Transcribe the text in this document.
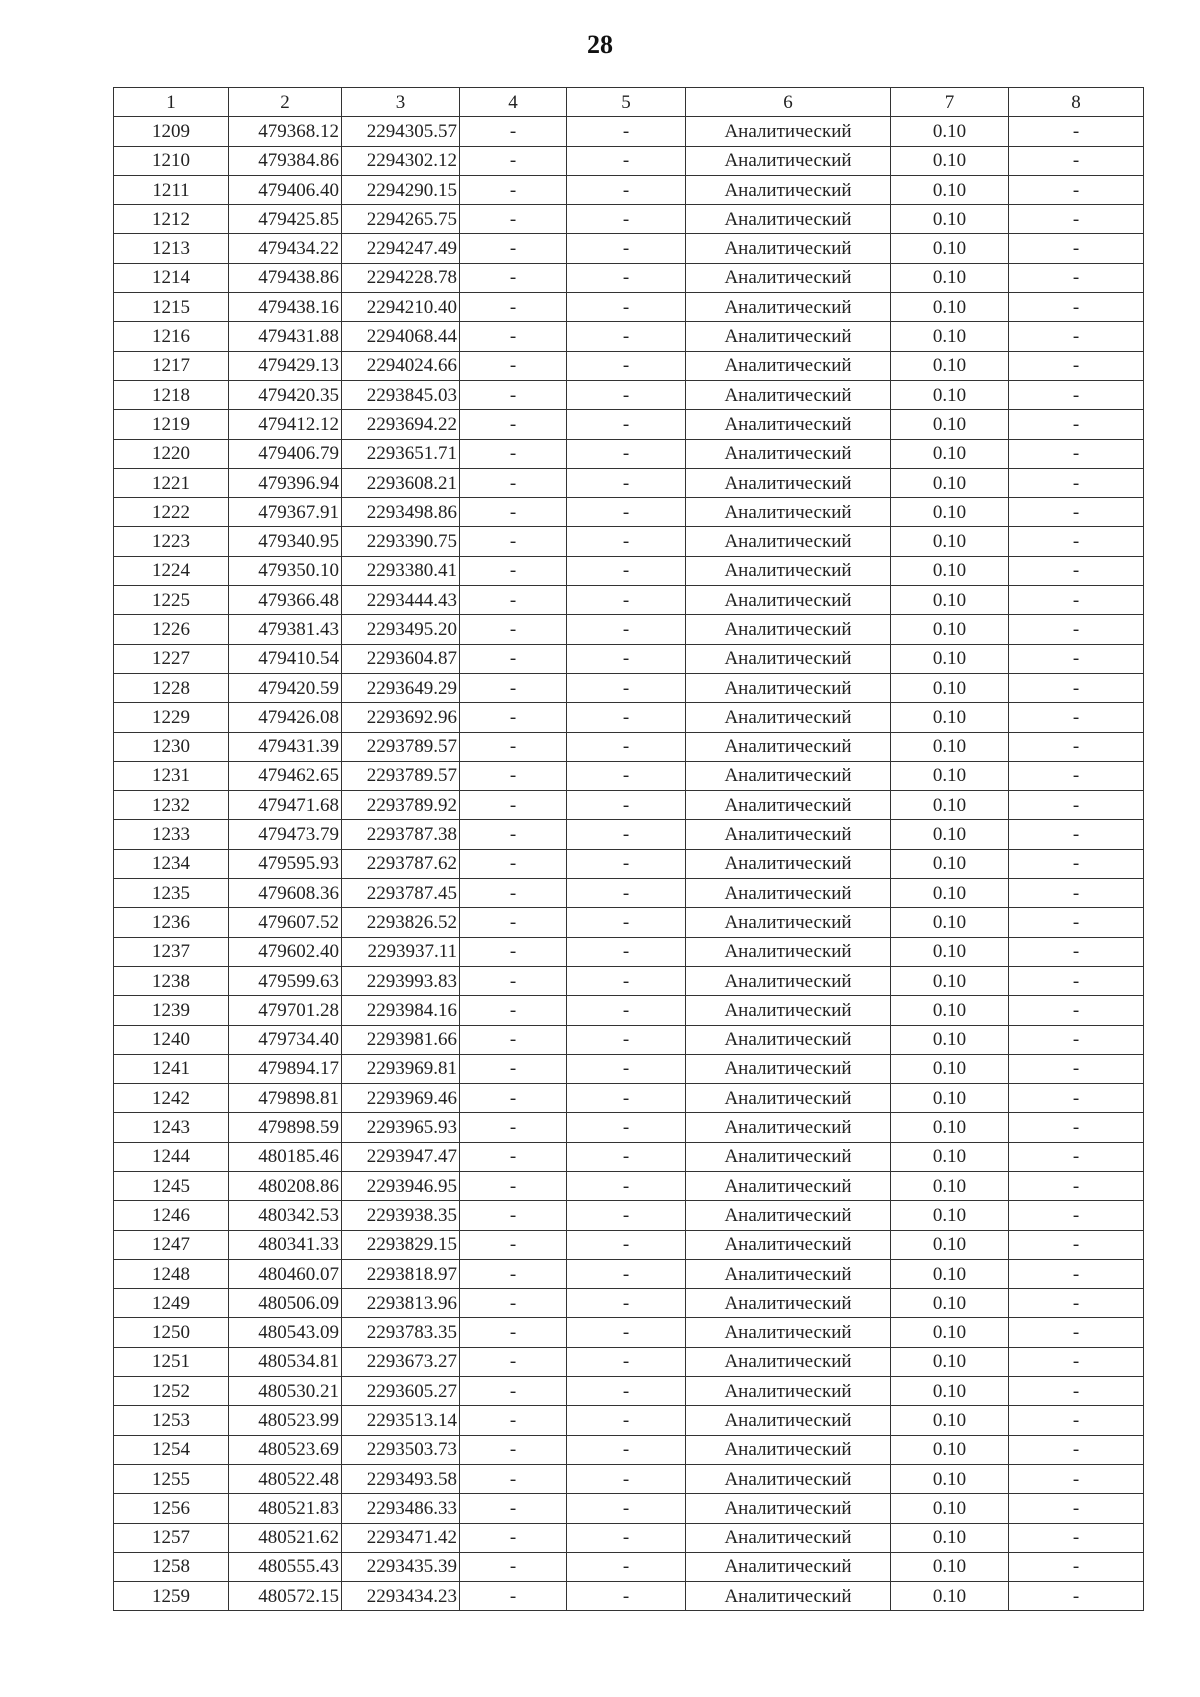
28
1	2	3	4	5	6	7	8
1209	479368.12	2294305.57	-	-	Аналитический	0.10	-
1210	479384.86	2294302.12	-	-	Аналитический	0.10	-
1211	479406.40	2294290.15	-	-	Аналитический	0.10	-
1212	479425.85	2294265.75	-	-	Аналитический	0.10	-
1213	479434.22	2294247.49	-	-	Аналитический	0.10	-
1214	479438.86	2294228.78	-	-	Аналитический	0.10	-
1215	479438.16	2294210.40	-	-	Аналитический	0.10	-
1216	479431.88	2294068.44	-	-	Аналитический	0.10	-
1217	479429.13	2294024.66	-	-	Аналитический	0.10	-
1218	479420.35	2293845.03	-	-	Аналитический	0.10	-
1219	479412.12	2293694.22	-	-	Аналитический	0.10	-
1220	479406.79	2293651.71	-	-	Аналитический	0.10	-
1221	479396.94	2293608.21	-	-	Аналитический	0.10	-
1222	479367.91	2293498.86	-	-	Аналитический	0.10	-
1223	479340.95	2293390.75	-	-	Аналитический	0.10	-
1224	479350.10	2293380.41	-	-	Аналитический	0.10	-
1225	479366.48	2293444.43	-	-	Аналитический	0.10	-
1226	479381.43	2293495.20	-	-	Аналитический	0.10	-
1227	479410.54	2293604.87	-	-	Аналитический	0.10	-
1228	479420.59	2293649.29	-	-	Аналитический	0.10	-
1229	479426.08	2293692.96	-	-	Аналитический	0.10	-
1230	479431.39	2293789.57	-	-	Аналитический	0.10	-
1231	479462.65	2293789.57	-	-	Аналитический	0.10	-
1232	479471.68	2293789.92	-	-	Аналитический	0.10	-
1233	479473.79	2293787.38	-	-	Аналитический	0.10	-
1234	479595.93	2293787.62	-	-	Аналитический	0.10	-
1235	479608.36	2293787.45	-	-	Аналитический	0.10	-
1236	479607.52	2293826.52	-	-	Аналитический	0.10	-
1237	479602.40	2293937.11	-	-	Аналитический	0.10	-
1238	479599.63	2293993.83	-	-	Аналитический	0.10	-
1239	479701.28	2293984.16	-	-	Аналитический	0.10	-
1240	479734.40	2293981.66	-	-	Аналитический	0.10	-
1241	479894.17	2293969.81	-	-	Аналитический	0.10	-
1242	479898.81	2293969.46	-	-	Аналитический	0.10	-
1243	479898.59	2293965.93	-	-	Аналитический	0.10	-
1244	480185.46	2293947.47	-	-	Аналитический	0.10	-
1245	480208.86	2293946.95	-	-	Аналитический	0.10	-
1246	480342.53	2293938.35	-	-	Аналитический	0.10	-
1247	480341.33	2293829.15	-	-	Аналитический	0.10	-
1248	480460.07	2293818.97	-	-	Аналитический	0.10	-
1249	480506.09	2293813.96	-	-	Аналитический	0.10	-
1250	480543.09	2293783.35	-	-	Аналитический	0.10	-
1251	480534.81	2293673.27	-	-	Аналитический	0.10	-
1252	480530.21	2293605.27	-	-	Аналитический	0.10	-
1253	480523.99	2293513.14	-	-	Аналитический	0.10	-
1254	480523.69	2293503.73	-	-	Аналитический	0.10	-
1255	480522.48	2293493.58	-	-	Аналитический	0.10	-
1256	480521.83	2293486.33	-	-	Аналитический	0.10	-
1257	480521.62	2293471.42	-	-	Аналитический	0.10	-
1258	480555.43	2293435.39	-	-	Аналитический	0.10	-
1259	480572.15	2293434.23	-	-	Аналитический	0.10	-
